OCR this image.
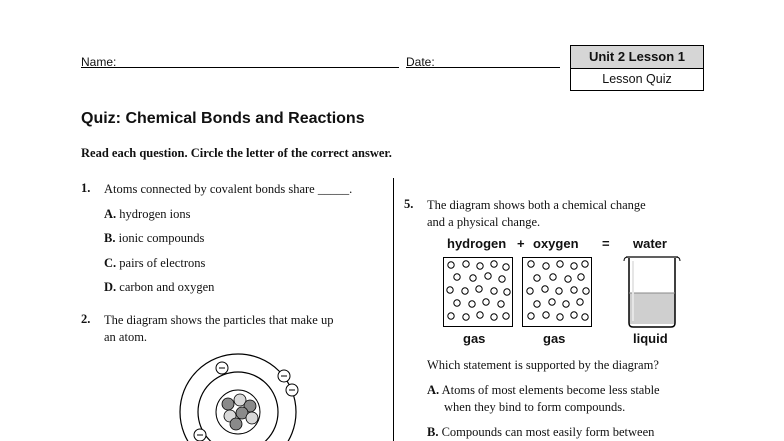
Name:	Date:	Unit 2 Lesson 1
Lesson Quiz
Quiz: Chemical Bonds and Reactions
Read each question. Circle the letter of the correct answer.
1. Atoms connected by covalent bonds share _____.
A. hydrogen ions
B. ionic compounds
C. pairs of electrons
D. carbon and oxygen
2. The diagram shows the particles that make up
an atom.
5. The diagram shows both a chemical change
and a physical change.
hydrogen + oxygen = water
gas	gas	liquid
Which statement is supported by the diagram?
A. Atoms of most elements become less stable
when they bind to form compounds.
B. Compounds can most easily form between
